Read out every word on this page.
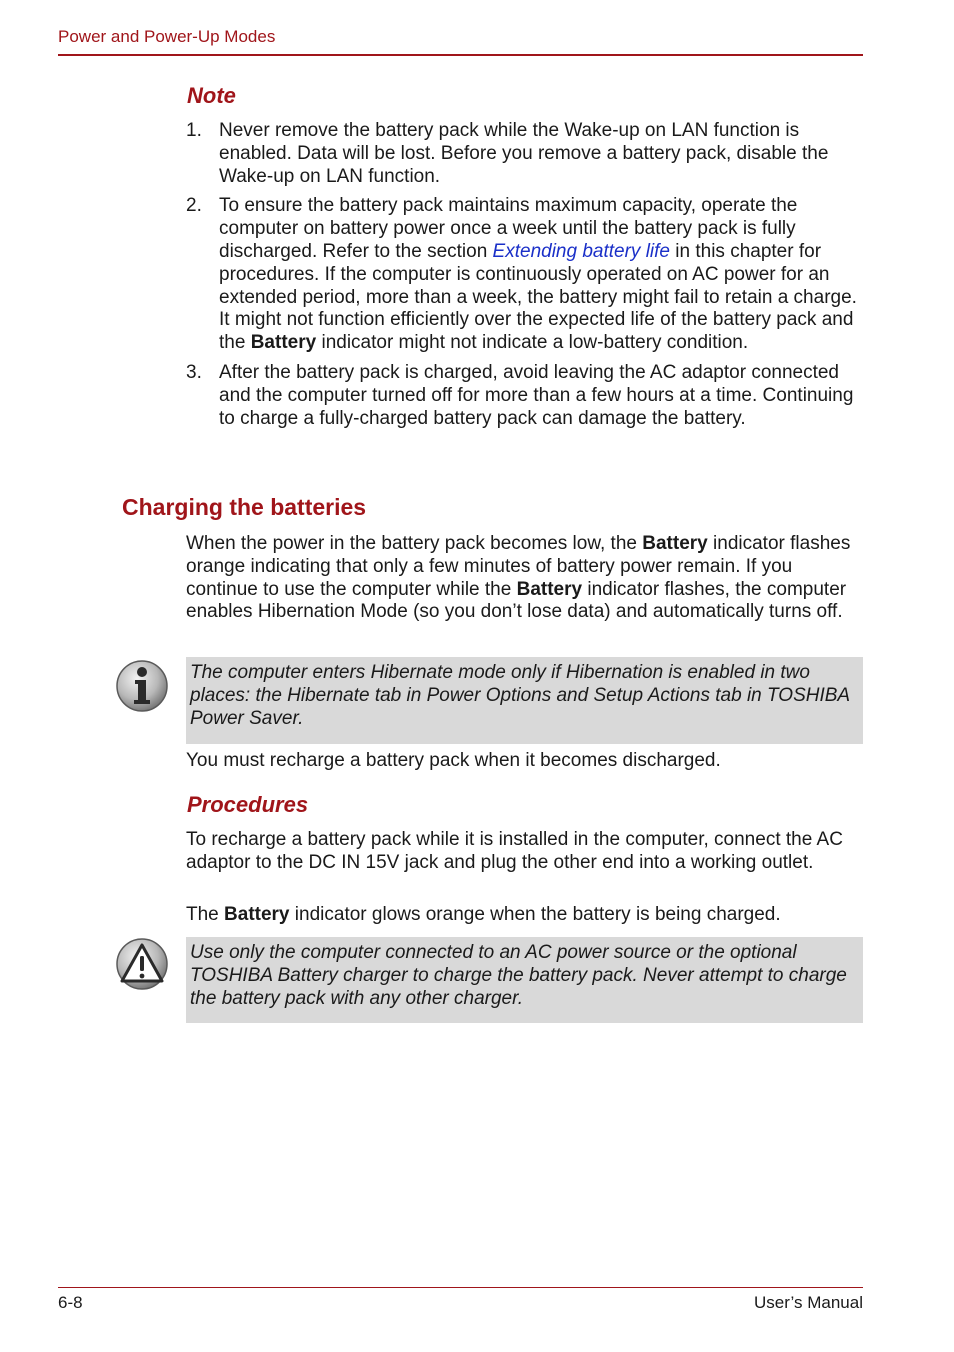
Power and Power-Up Modes
Note
1. Never remove the battery pack while the Wake-up on LAN function is enabled. Data will be lost. Before you remove a battery pack, disable the Wake-up on LAN function.
2. To ensure the battery pack maintains maximum capacity, operate the computer on battery power once a week until the battery pack is fully discharged. Refer to the section Extending battery life in this chapter for procedures. If the computer is continuously operated on AC power for an extended period, more than a week, the battery might fail to retain a charge. It might not function efficiently over the expected life of the battery pack and the Battery indicator might not indicate a low-battery condition.
3. After the battery pack is charged, avoid leaving the AC adaptor connected and the computer turned off for more than a few hours at a time. Continuing to charge a fully-charged battery pack can damage the battery.
Charging the batteries

When the power in the battery pack becomes low, the Battery indicator flashes orange indicating that only a few minutes of battery power remain. If you continue to use the computer while the Battery indicator flashes, the computer enables Hibernation Mode (so you don’t lose data) and automatically turns off.

The computer enters Hibernate mode only if Hibernation is enabled in two places: the Hibernate tab in Power Options and Setup Actions tab in TOSHIBA Power Saver.

You must recharge a battery pack when it becomes discharged.

Procedures

To recharge a battery pack while it is installed in the computer, connect the AC adaptor to the DC IN 15V jack and plug the other end into a working outlet.

The Battery indicator glows orange when the battery is being charged.

Use only the computer connected to an AC power source or the optional TOSHIBA Battery charger to charge the battery pack. Never attempt to charge the battery pack with any other charger.

6-8	User’s Manual
